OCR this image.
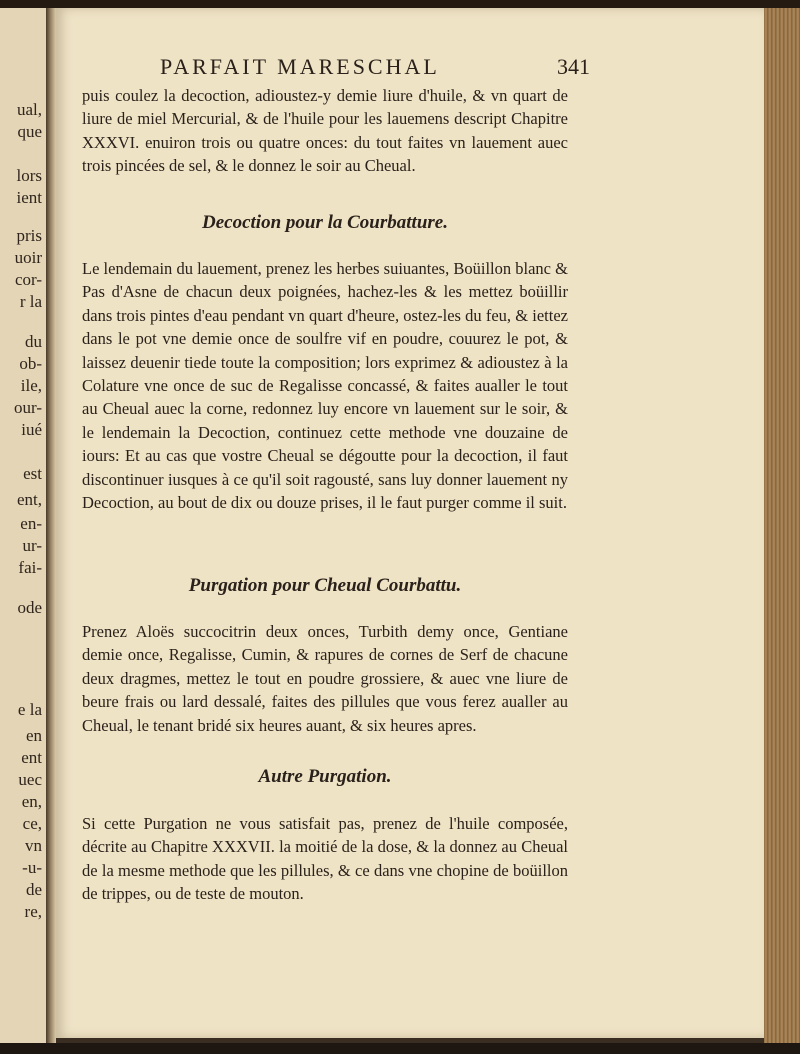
ual,
que
lors
ient
pris
uoir
cor-
r la
du
ob-
ile,
our-
iué
est
ent,
en-
ur-
fai-
ode
e la
en
ent
uec
en,
ce,
vn
-u-
de
re,
PARFAIT MARESCHAL	341
puis coulez la decoction, adioustez-y demie liure d'huile, & vn quart de liure de miel Mercurial, & de l'huile pour les lauemens descript Chapitre XXXVI. enuiron trois ou quatre onces: du tout faites vn lauement auec trois pincées de sel, & le donnez le soir au Cheual.
Decoction pour la Courbatture.
Le lendemain du lauement, prenez les herbes suiuantes, Boüillon blanc & Pas d'Asne de chacun deux poignées, hachez-les & les mettez boüillir dans trois pintes d'eau pendant vn quart d'heure, ostez-les du feu, & iettez dans le pot vne demie once de soulfre vif en poudre, couurez le pot, & laissez deuenir tiede toute la composition; lors exprimez & adioustez à la Colature vne once de suc de Regalisse concassé, & faites aualler le tout au Cheual auec la corne, redonnez luy encore vn lauement sur le soir, & le lendemain la Decoction, continuez cette methode vne douzaine de iours: Et au cas que vostre Cheual se dégoutte pour la decoction, il faut discontinuer iusques à ce qu'il soit ragousté, sans luy donner lauement ny Decoction, au bout de dix ou douze prises, il le faut purger comme il suit.
Purgation pour Cheual Courbattu.
Prenez Aloës succocitrin deux onces, Turbith demy once, Gentiane demie once, Regalisse, Cumin, & rapures de cornes de Serf de chacune deux dragmes, mettez le tout en poudre grossiere, & auec vne liure de beure frais ou lard dessalé, faites des pillules que vous ferez aualler au Cheual, le tenant bridé six heures auant, & six heures apres.
Autre Purgation.
Si cette Purgation ne vous satisfait pas, prenez de l'huile composée, décrite au Chapitre XXXVII. la moitié de la dose, & la donnez au Cheual de la mesme methode que les pillules, & ce dans vne chopine de boüillon de trippes, ou de teste de mouton.
